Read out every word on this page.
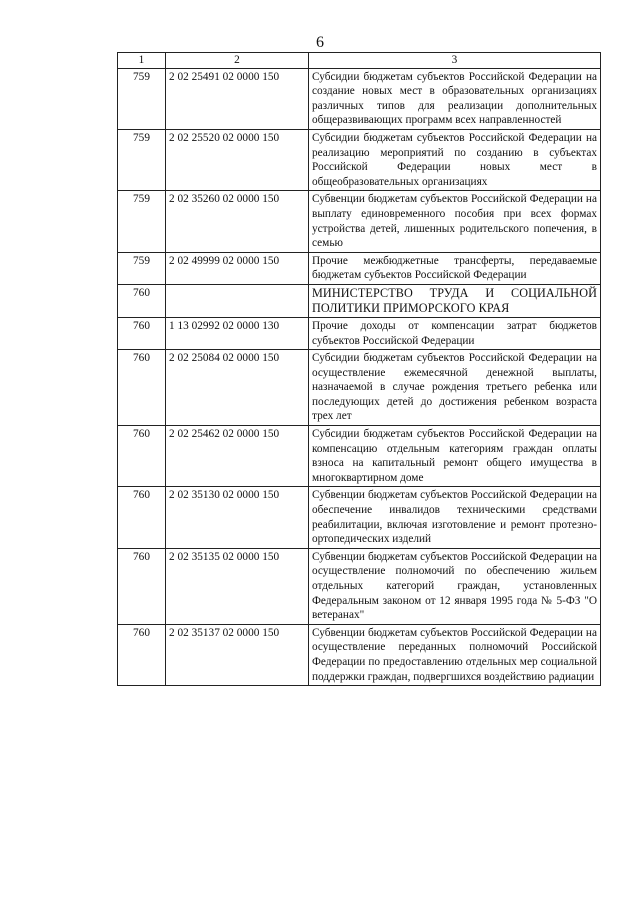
6
1	2	3
759	2 02 25491 02 0000 150	Субсидии бюджетам субъектов Российской Федерации на создание новых мест в образовательных организациях различных типов для реализации дополнительных общеразвивающих программ всех направленностей
759	2 02 25520 02 0000 150	Субсидии бюджетам субъектов Российской Федерации на реализацию мероприятий по созданию в субъектах Российской Федерации новых мест в общеобразовательных организациях
759	2 02 35260 02 0000 150	Субвенции бюджетам субъектов Российской Федерации на выплату единовременного пособия при всех формах устройства детей, лишенных родительского попечения, в семью
759	2 02 49999 02 0000 150	Прочие межбюджетные трансферты, передаваемые бюджетам субъектов Российской Федерации
760		МИНИСТЕРСТВО ТРУДА И СОЦИАЛЬНОЙ ПОЛИТИКИ ПРИМОРСКОГО КРАЯ
760	1 13 02992 02 0000 130	Прочие доходы от компенсации затрат бюджетов субъектов Российской Федерации
760	2 02 25084 02 0000 150	Субсидии бюджетам субъектов Российской Федерации на осуществление ежемесячной денежной выплаты, назначаемой в случае рождения третьего ребенка или последующих детей до достижения ребенком возраста трех лет
760	2 02 25462 02 0000 150	Субсидии бюджетам субъектов Российской Федерации на компенсацию отдельным категориям граждан оплаты взноса на капитальный ремонт общего имущества в многоквартирном доме
760	2 02 35130 02 0000 150	Субвенции бюджетам субъектов Российской Федерации на обеспечение инвалидов техническими средствами реабилитации, включая изготовление и ремонт протезно-ортопедических изделий
760	2 02 35135 02 0000 150	Субвенции бюджетам субъектов Российской Федерации на осуществление полномочий по обеспечению жильем отдельных категорий граждан, установленных Федеральным законом от 12 января 1995 года № 5-ФЗ "О ветеранах"
760	2 02 35137 02 0000 150	Субвенции бюджетам субъектов Российской Федерации на осуществление переданных полномочий Российской Федерации по предоставлению отдельных мер социальной поддержки граждан, подвергшихся воздействию радиации
